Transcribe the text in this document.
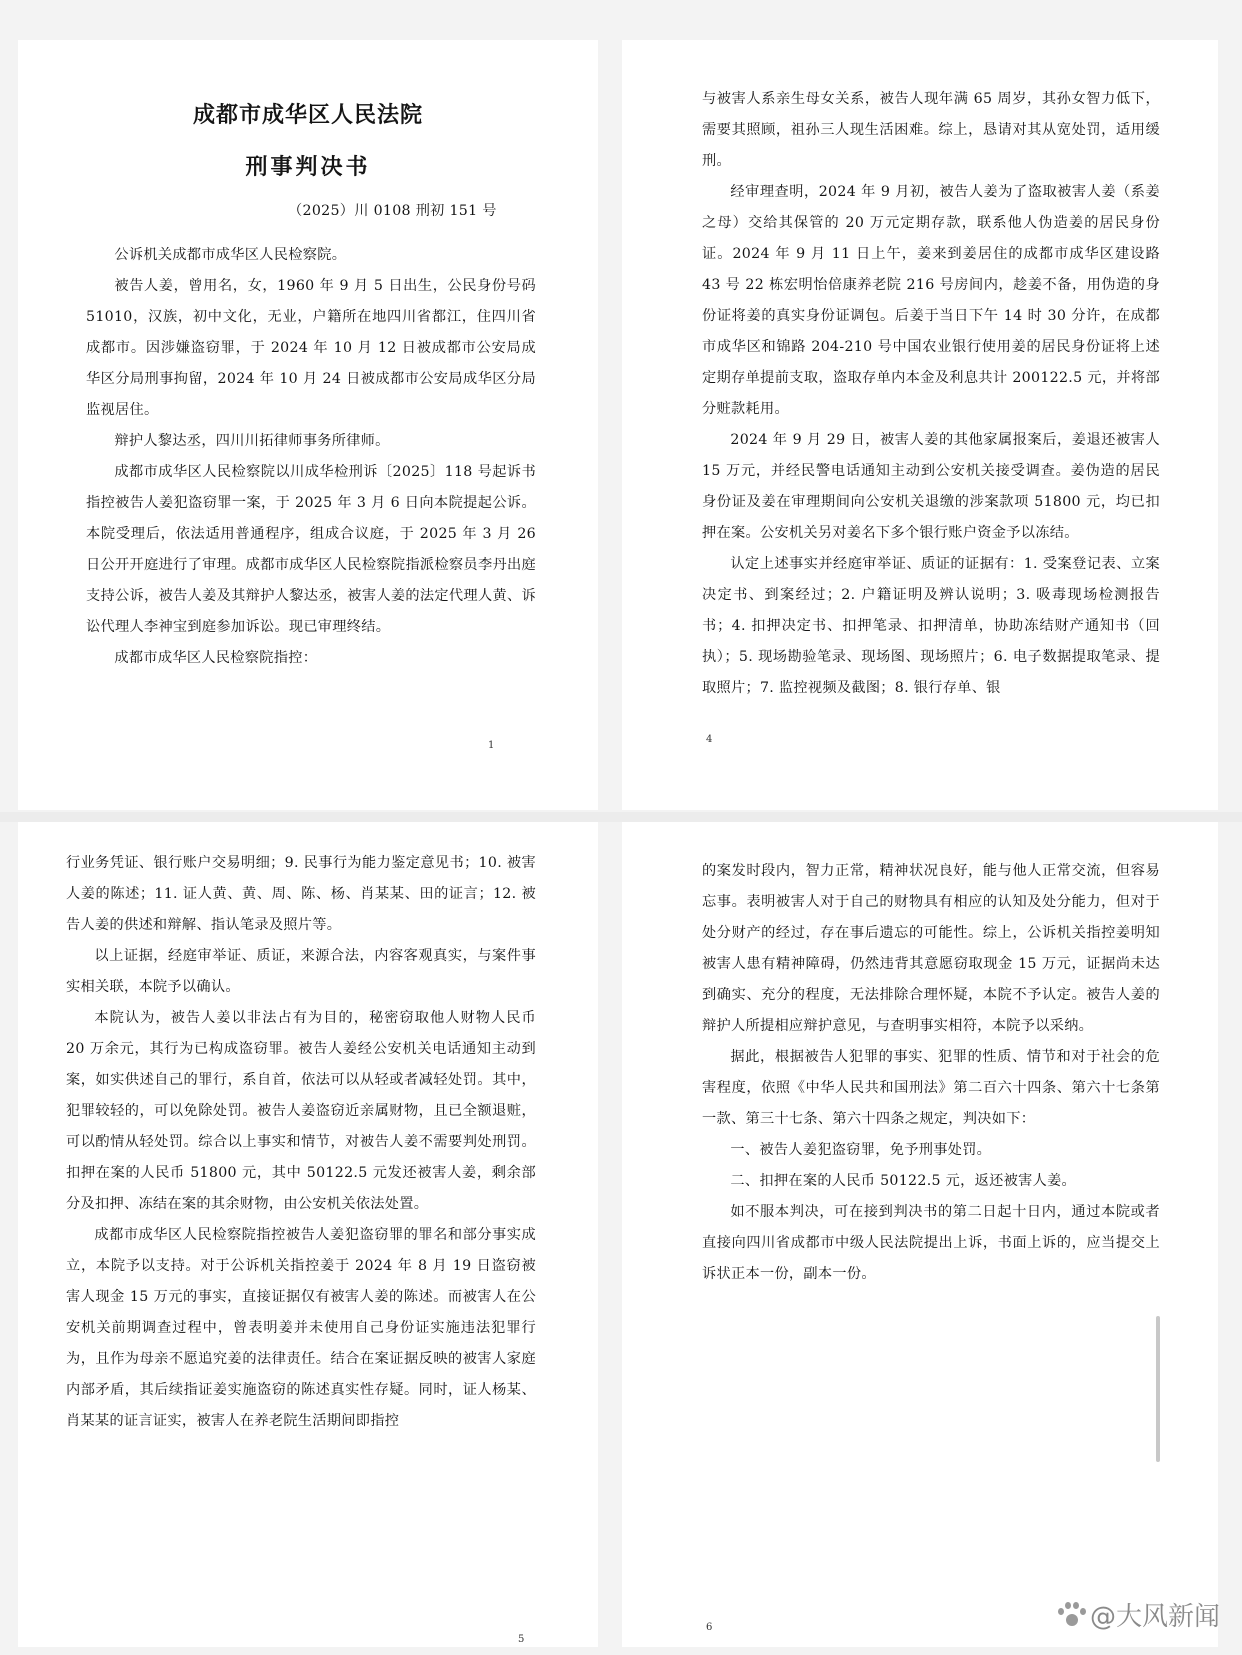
成都市成华区人民法院
刑事判决书
（2025）川 0108 刑初 151 号

公诉机关成都市成华区人民检察院。

被告人姜，曾用名，女，1960 年 9 月 5 日出生，公民身份号码 51010，汉族，初中文化，无业，户籍所在地四川省都江，住四川省成都市。因涉嫌盗窃罪，于 2024 年 10 月 12 日被成都市公安局成华区分局刑事拘留，2024 年 10 月 24 日被成都市公安局成华区分局监视居住。

辩护人黎达丞，四川川拓律师事务所律师。

成都市成华区人民检察院以川成华检刑诉〔2025〕118 号起诉书指控被告人姜犯盗窃罪一案，于 2025 年 3 月 6 日向本院提起公诉。本院受理后，依法适用普通程序，组成合议庭，于 2025 年 3 月 26 日公开开庭进行了审理。成都市成华区人民检察院指派检察员李丹出庭支持公诉，被告人姜及其辩护人黎达丞，被害人姜的法定代理人黄、诉讼代理人李神宝到庭参加诉讼。现已审理终结。

成都市成华区人民检察院指控：

1

与被害人系亲生母女关系，被告人现年满 65 周岁，其孙女智力低下，需要其照顾，祖孙三人现生活困难。综上，恳请对其从宽处罚，适用缓刑。

经审理查明，2024 年 9 月初，被告人姜为了盗取被害人姜（系姜之母）交给其保管的 20 万元定期存款，联系他人伪造姜的居民身份证。2024 年 9 月 11 日上午，姜来到姜居住的成都市成华区建设路 43 号 22 栋宏明怡倍康养老院 216 号房间内，趁姜不备，用伪造的身份证将姜的真实身份证调包。后姜于当日下午 14 时 30 分许，在成都市成华区和锦路 204-210 号中国农业银行使用姜的居民身份证将上述定期存单提前支取，盗取存单内本金及利息共计 200122.5 元，并将部分赃款耗用。

2024 年 9 月 29 日，被害人姜的其他家属报案后，姜退还被害人 15 万元，并经民警电话通知主动到公安机关接受调查。姜伪造的居民身份证及姜在审理期间向公安机关退缴的涉案款项 51800 元，均已扣押在案。公安机关另对姜名下多个银行账户资金予以冻结。

认定上述事实并经庭审举证、质证的证据有：1. 受案登记表、立案决定书、到案经过；2. 户籍证明及辨认说明；3. 吸毒现场检测报告书；4. 扣押决定书、扣押笔录、扣押清单，协助冻结财产通知书（回执）；5. 现场勘验笔录、现场图、现场照片；6. 电子数据提取笔录、提取照片；7. 监控视频及截图；8. 银行存单、银

4

行业务凭证、银行账户交易明细；9. 民事行为能力鉴定意见书；10. 被害人姜的陈述；11. 证人黄、黄、周、陈、杨、肖某某、田的证言；12. 被告人姜的供述和辩解、指认笔录及照片等。

以上证据，经庭审举证、质证，来源合法，内容客观真实，与案件事实相关联，本院予以确认。

本院认为，被告人姜以非法占有为目的，秘密窃取他人财物人民币 20 万余元，其行为已构成盗窃罪。被告人姜经公安机关电话通知主动到案，如实供述自己的罪行，系自首，依法可以从轻或者减轻处罚。其中，犯罪较轻的，可以免除处罚。被告人姜盗窃近亲属财物，且已全额退赃，可以酌情从轻处罚。综合以上事实和情节，对被告人姜不需要判处刑罚。扣押在案的人民币 51800 元，其中 50122.5 元发还被害人姜，剩余部分及扣押、冻结在案的其余财物，由公安机关依法处置。

成都市成华区人民检察院指控被告人姜犯盗窃罪的罪名和部分事实成立，本院予以支持。对于公诉机关指控姜于 2024 年 8 月 19 日盗窃被害人现金 15 万元的事实，直接证据仅有被害人姜的陈述。而被害人在公安机关前期调查过程中，曾表明姜并未使用自己身份证实施违法犯罪行为，且作为母亲不愿追究姜的法律责任。结合在案证据反映的被害人家庭内部矛盾，其后续指证姜实施盗窃的陈述真实性存疑。同时，证人杨某、肖某某的证言证实，被害人在养老院生活期间即指控

5

的案发时段内，智力正常，精神状况良好，能与他人正常交流，但容易忘事。表明被害人对于自己的财物具有相应的认知及处分能力，但对于处分财产的经过，存在事后遗忘的可能性。综上，公诉机关指控姜明知被害人患有精神障碍，仍然违背其意愿窃取现金 15 万元，证据尚未达到确实、充分的程度，无法排除合理怀疑，本院不予认定。被告人姜的辩护人所提相应辩护意见，与查明事实相符，本院予以采纳。

据此，根据被告人犯罪的事实、犯罪的性质、情节和对于社会的危害程度，依照《中华人民共和国刑法》第二百六十四条、第六十七条第一款、第三十七条、第六十四条之规定，判决如下：

一、被告人姜犯盗窃罪，免予刑事处罚。

二、扣押在案的人民币 50122.5 元，返还被害人姜。

如不服本判决，可在接到判决书的第二日起十日内，通过本院或者直接向四川省成都市中级人民法院提出上诉，书面上诉的，应当提交上诉状正本一份，副本一份。

6	@大风新闻
